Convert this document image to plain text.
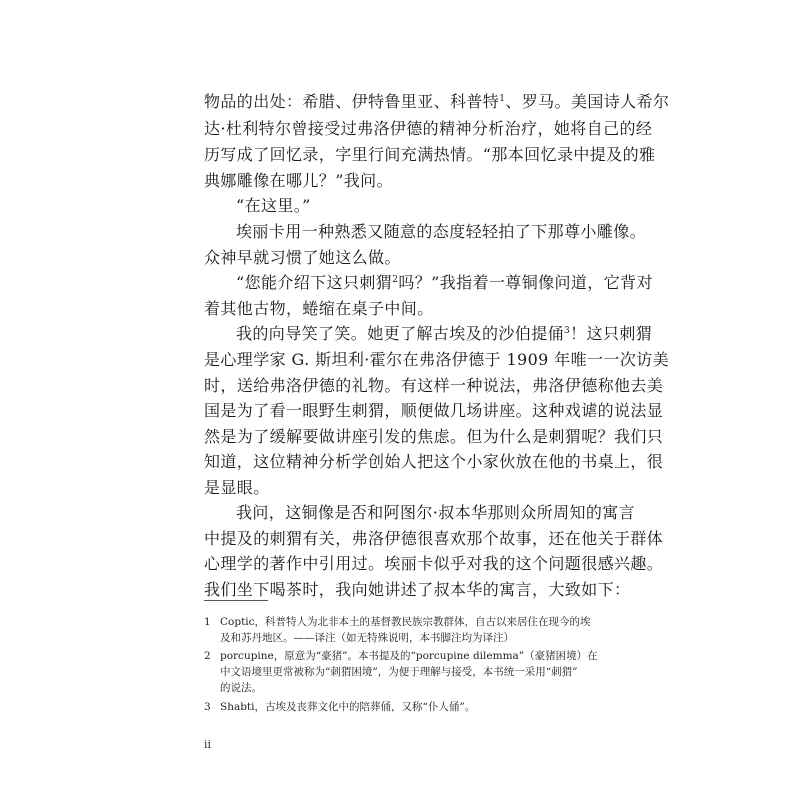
物品的出处：希腊、伊特鲁里亚、科普特$^1$、罗马。美国诗人希尔
达·杜利特尔曾接受过弗洛伊德的精神分析治疗，她将自己的经
历写成了回忆录，字里行间充满热情。“那本回忆录中提及的雅
典娜雕像在哪儿？”我问。
“在这里。”
埃丽卡用一种熟悉又随意的态度轻轻拍了下那尊小雕像。
众神早就习惯了她这么做。
“您能介绍下这只刺猬$^2$吗？”我指着一尊铜像问道，它背对
着其他古物，蜷缩在桌子中间。
我的向导笑了笑。她更了解古埃及的沙伯提俑$^3$！这只刺猬
是心理学家 G. 斯坦利·霍尔在弗洛伊德于 1909 年唯一一次访美
时，送给弗洛伊德的礼物。有这样一种说法，弗洛伊德称他去美
国是为了看一眼野生刺猬，顺便做几场讲座。这种戏谑的说法显
然是为了缓解要做讲座引发的焦虑。但为什么是刺猬呢？我们只
知道，这位精神分析学创始人把这个小家伙放在他的书桌上，很
是显眼。
我问，这铜像是否和阿图尔·叔本华那则众所周知的寓言
中提及的刺猬有关，弗洛伊德很喜欢那个故事，还在他关于群体
心理学的著作中引用过。埃丽卡似乎对我的这个问题很感兴趣。
我们坐下喝茶时，我向她讲述了叔本华的寓言，大致如下：
1 Coptic，科普特人为北非本土的基督教民族宗教群体，自古以来居住在现今的埃
及和苏丹地区。——译注（如无特殊说明，本书脚注均为译注）
2 porcupine，原意为“豪猪”。本书提及的“porcupine dilemma”（豪猪困境）在
中文语境里更常被称为“刺猬困境”，为便于理解与接受，本书统一采用“刺猬”
的说法。
3 Shabti，古埃及丧葬文化中的陪葬俑，又称“仆人俑”。
ii
